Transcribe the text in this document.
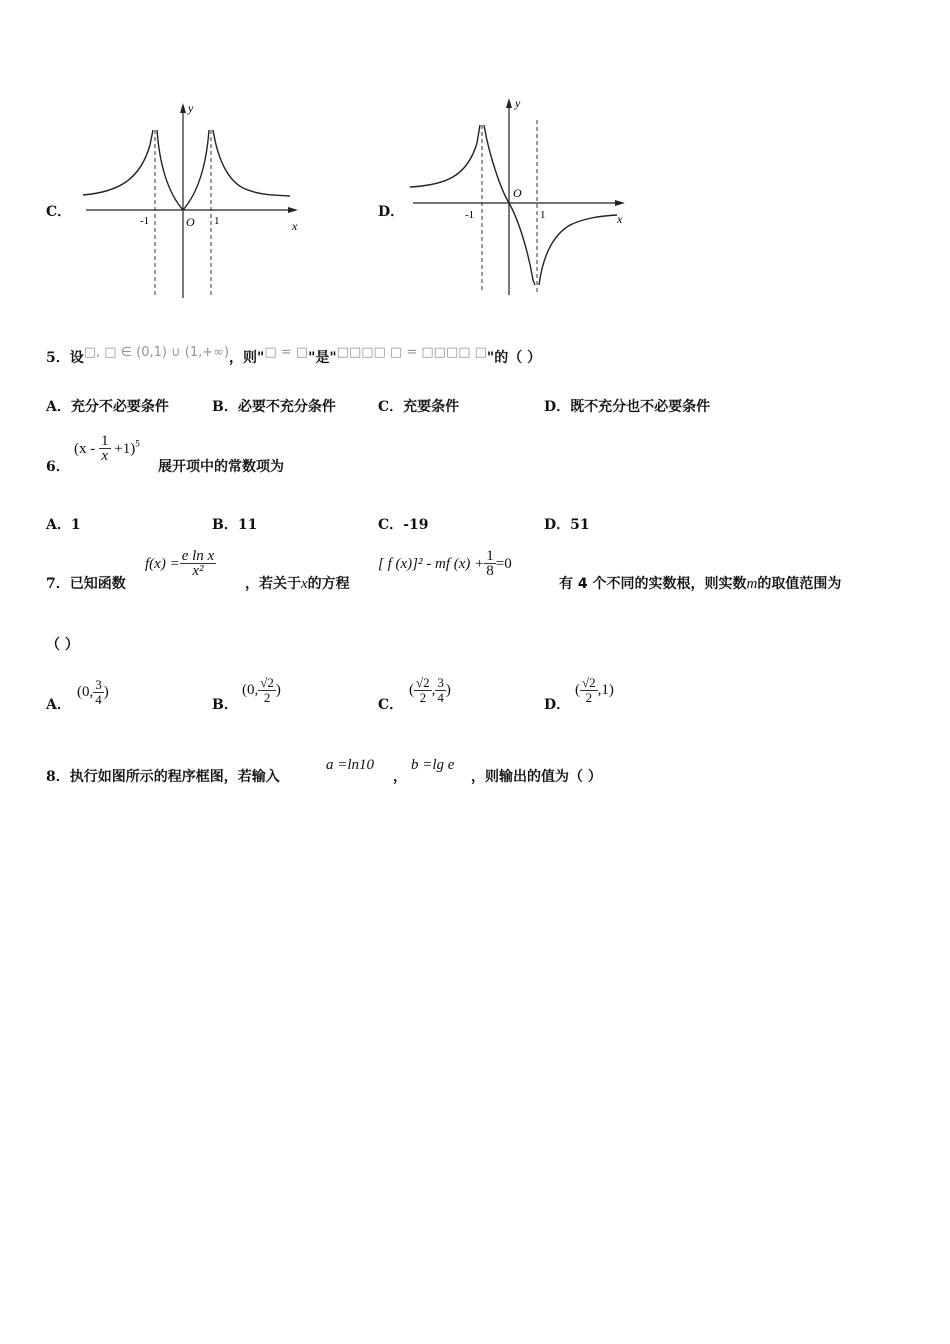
C．
y
x
O
-1	1
D．
y
x
O
-1	1
5．设□, □ ∈ (0,1) ∪ (1,+∞)，则"□ = □"是"□□□□ □ = □□□□ □"的（ ）
A．充分不必要条件	B．必要不充分条件	C．充要条件	D．既不充分也不必要条件
6．
$(x - \frac{1}{x} +1)^5$
展开项中的常数项为
A．1	B．11	C．-19	D．51
7．已知函数
$f(x) = \frac{\text{e ln x}}{\text{x²}}$
，若关于x的方程
[ f (x)]² - mf $(x) + \frac{1}{8} =0$
有 4 个不同的实数根，则实数m的取值范围为
（ ）
A．
(0, $\frac{3}{4}$ )
B．
(0, $\frac{√2}{2}$ )
C．
( $\frac{√2}{2}$ , $\frac{3}{4}$ )
D．
( $\frac{√2}{2} ,1$)
8．执行如图所示的程序框图，若输入
a =ln10
，
b =lg e
，则输出的值为（ ）
